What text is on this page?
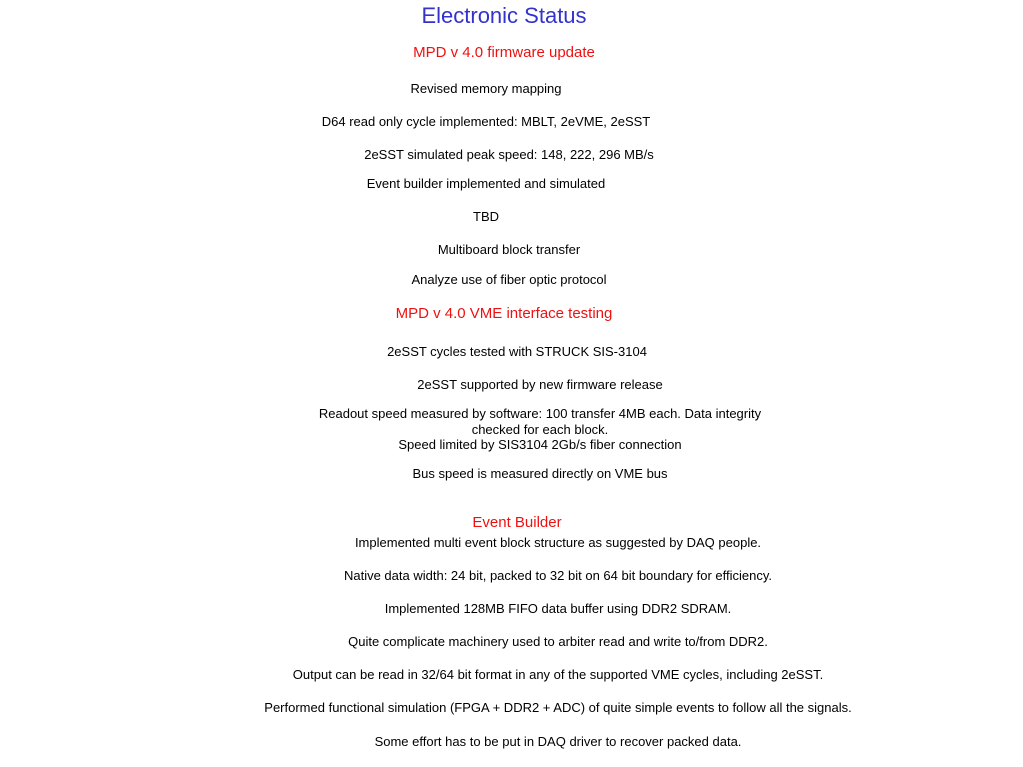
Electronic Status
MPD v 4.0 firmware update
Revised memory mapping
D64 read only cycle implemented: MBLT, 2eVME, 2eSST
2eSST simulated peak speed: 148, 222, 296 MB/s
Event builder implemented and simulated
TBD
Multiboard block transfer
Analyze use of fiber optic protocol
MPD v 4.0 VME interface testing
2eSST cycles tested with STRUCK SIS-3104
2eSST supported by new firmware release
Readout speed measured by software: 100 transfer 4MB each. Data integrity
checked for each block.
Speed limited by SIS3104 2Gb/s fiber connection
Bus speed is measured directly on VME bus
Event Builder
Implemented multi event block structure as suggested by DAQ people.
Native data width: 24 bit, packed to 32 bit on 64 bit boundary for efficiency.
Implemented 128MB FIFO data buffer using DDR2 SDRAM.
Quite complicate machinery used to arbiter read and write to/from DDR2.
Output can be read in 32/64 bit format in any of the supported VME cycles, including 2eSST.
Performed functional simulation (FPGA + DDR2 + ADC) of quite simple events to follow all the signals.
Some effort has to be put in DAQ driver to recover packed data.
